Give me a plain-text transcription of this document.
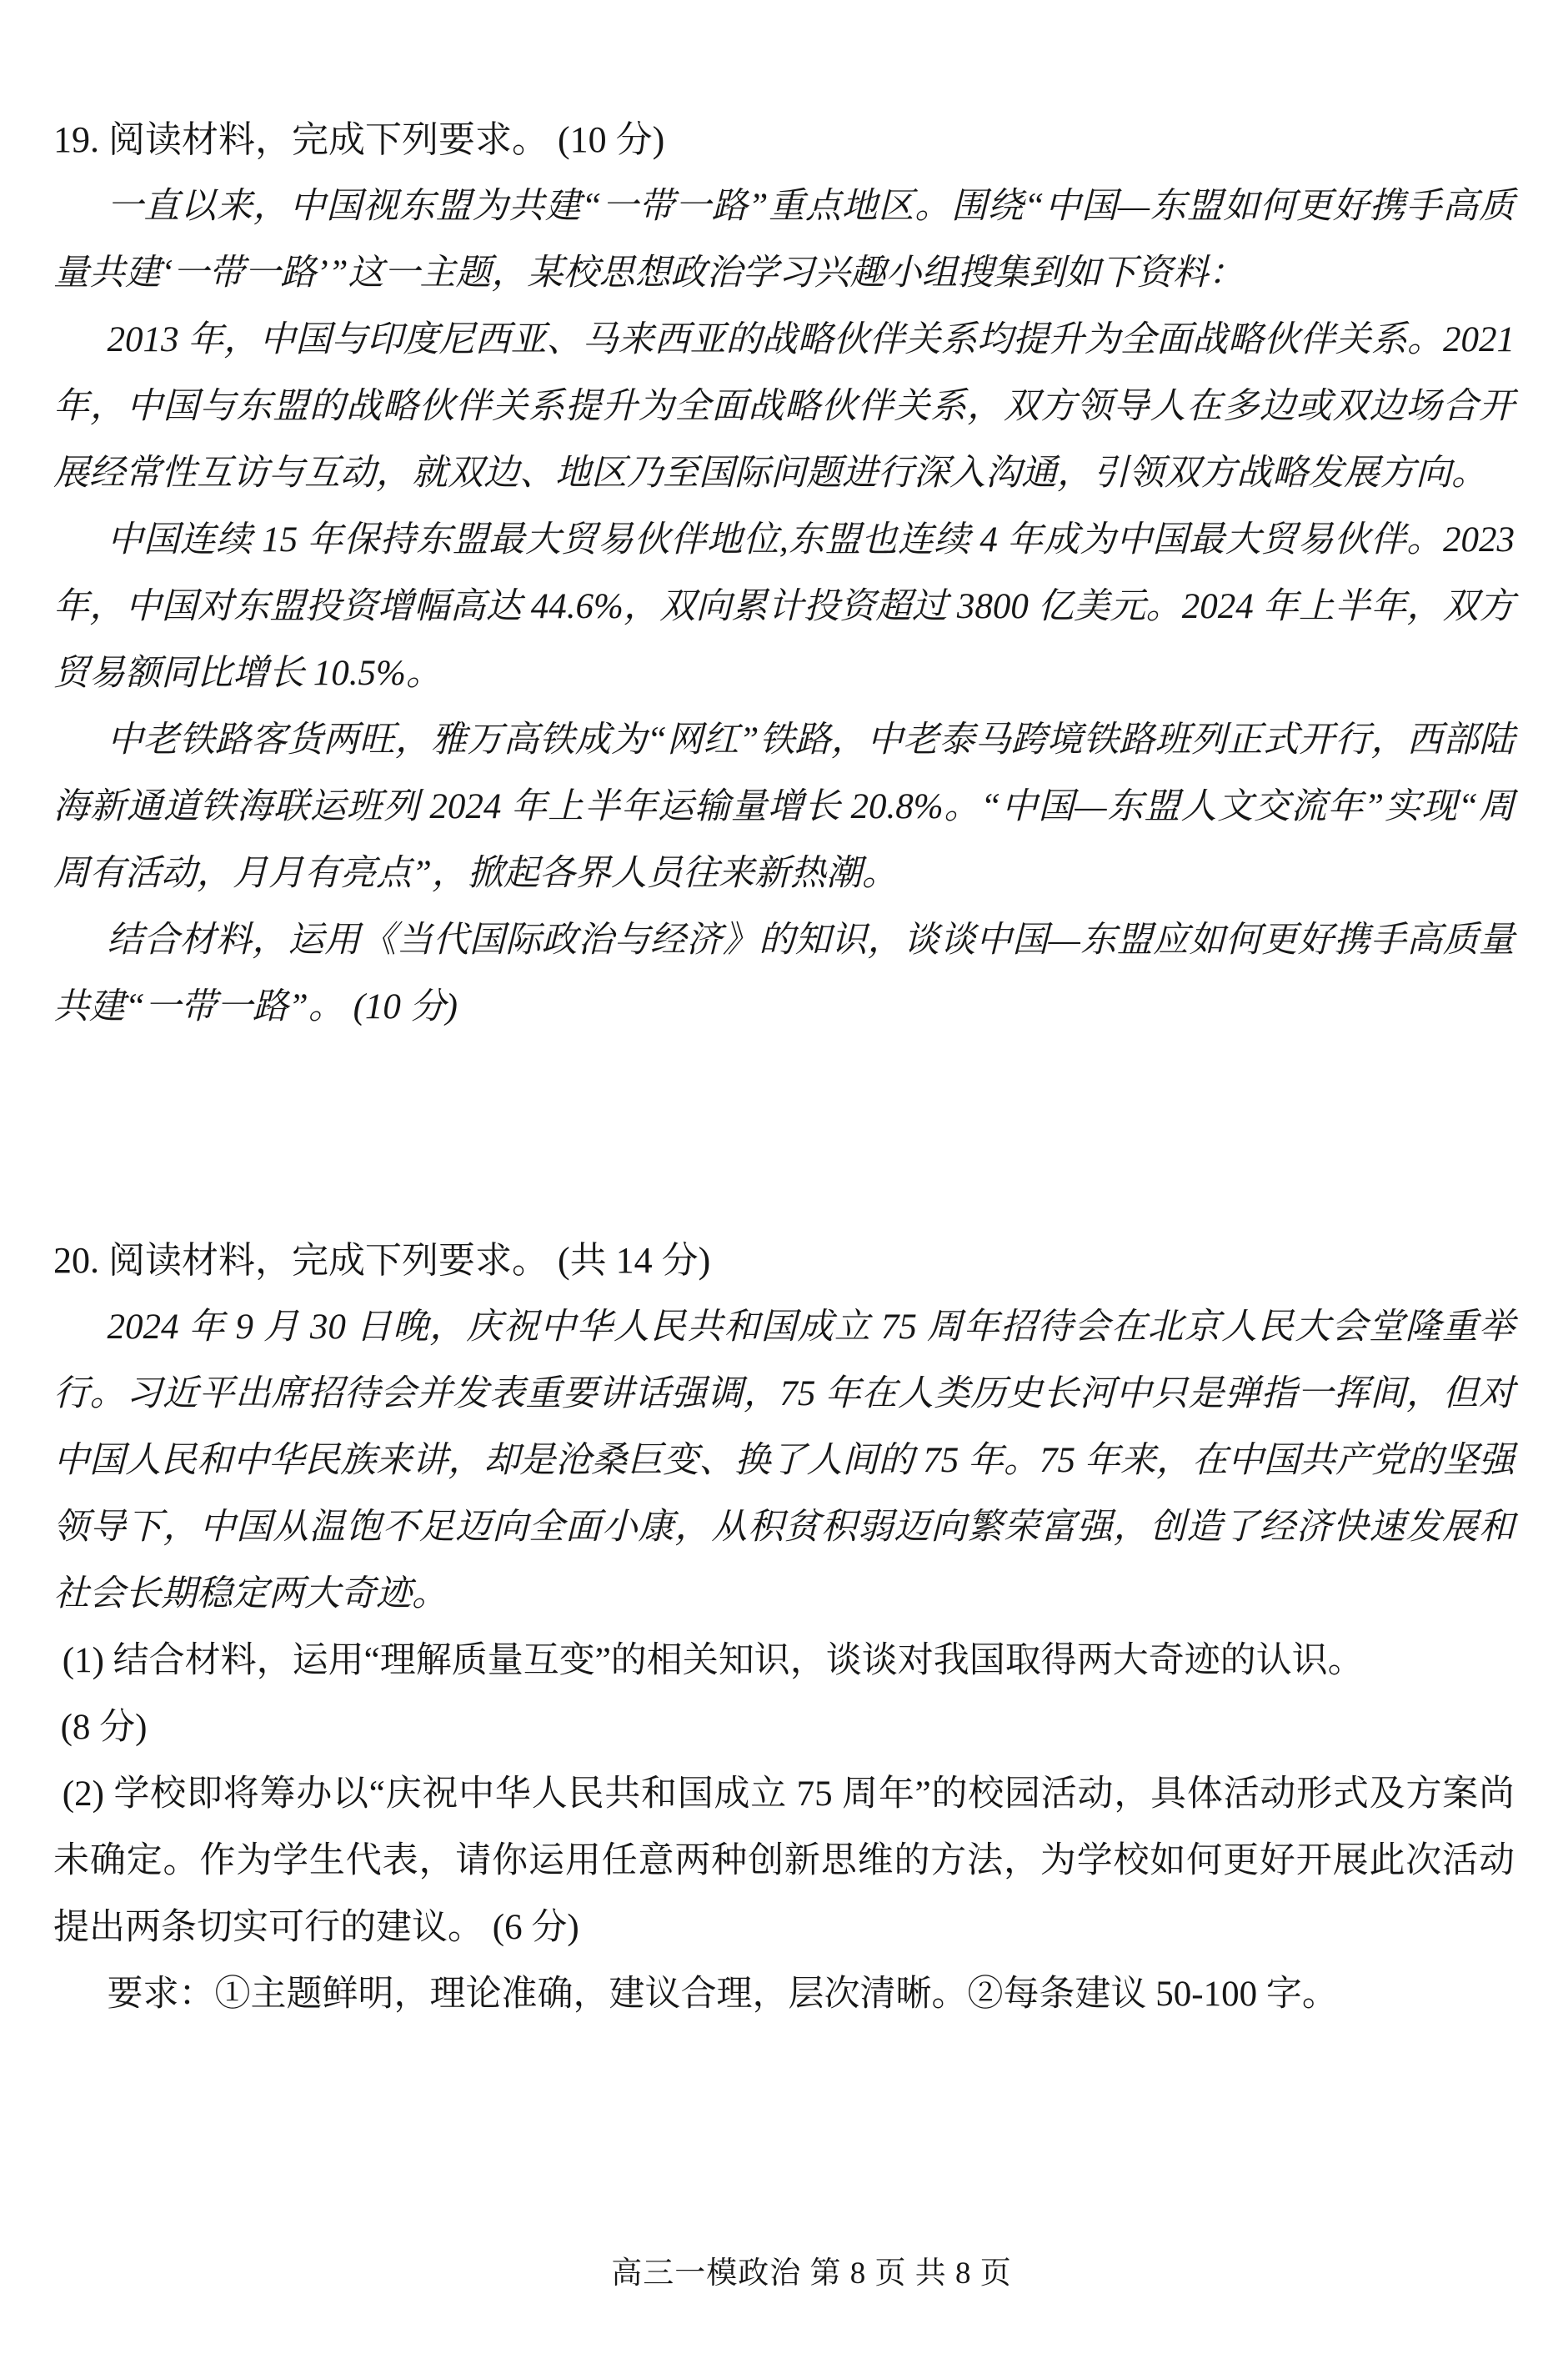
19. 阅读材料，完成下列要求。 (10 分)

一直以来，中国视东盟为共建“一带一路”重点地区。围绕“中国—东盟如何更好携手高质量共建‘一带一路’”这一主题，某校思想政治学习兴趣小组搜集到如下资料：

2013 年，中国与印度尼西亚、马来西亚的战略伙伴关系均提升为全面战略伙伴关系。2021 年，中国与东盟的战略伙伴关系提升为全面战略伙伴关系，双方领导人在多边或双边场合开展经常性互访与互动，就双边、地区乃至国际问题进行深入沟通，引领双方战略发展方向。

中国连续 15 年保持东盟最大贸易伙伴地位,东盟也连续 4 年成为中国最大贸易伙伴。2023 年，中国对东盟投资增幅高达 44.6%，双向累计投资超过 3800 亿美元。2024 年上半年，双方贸易额同比增长 10.5%。

中老铁路客货两旺，雅万高铁成为“网红”铁路，中老泰马跨境铁路班列正式开行，西部陆海新通道铁海联运班列 2024 年上半年运输量增长 20.8%。“中国—东盟人文交流年”实现“周周有活动，月月有亮点”，掀起各界人员往来新热潮。

结合材料，运用《当代国际政治与经济》的知识，谈谈中国—东盟应如何更好携手高质量共建“一带一路”。 (10 分)

20. 阅读材料，完成下列要求。 (共 14 分)

2024 年 9 月 30 日晚，庆祝中华人民共和国成立 75 周年招待会在北京人民大会堂隆重举行。习近平出席招待会并发表重要讲话强调，75 年在人类历史长河中只是弹指一挥间，但对中国人民和中华民族来讲，却是沧桑巨变、换了人间的 75 年。75 年来，在中国共产党的坚强领导下，中国从温饱不足迈向全面小康，从积贫积弱迈向繁荣富强，创造了经济快速发展和社会长期稳定两大奇迹。

(1) 结合材料，运用“理解质量互变”的相关知识，谈谈对我国取得两大奇迹的认识。

(8 分)

(2) 学校即将筹办以“庆祝中华人民共和国成立 75 周年”的校园活动，具体活动形式及方案尚未确定。作为学生代表，请你运用任意两种创新思维的方法，为学校如何更好开展此次活动提出两条切实可行的建议。 (6 分)

要求：①主题鲜明，理论准确，建议合理，层次清晰。②每条建议 50-100 字。

高三一模政治 第 8 页 共 8 页
